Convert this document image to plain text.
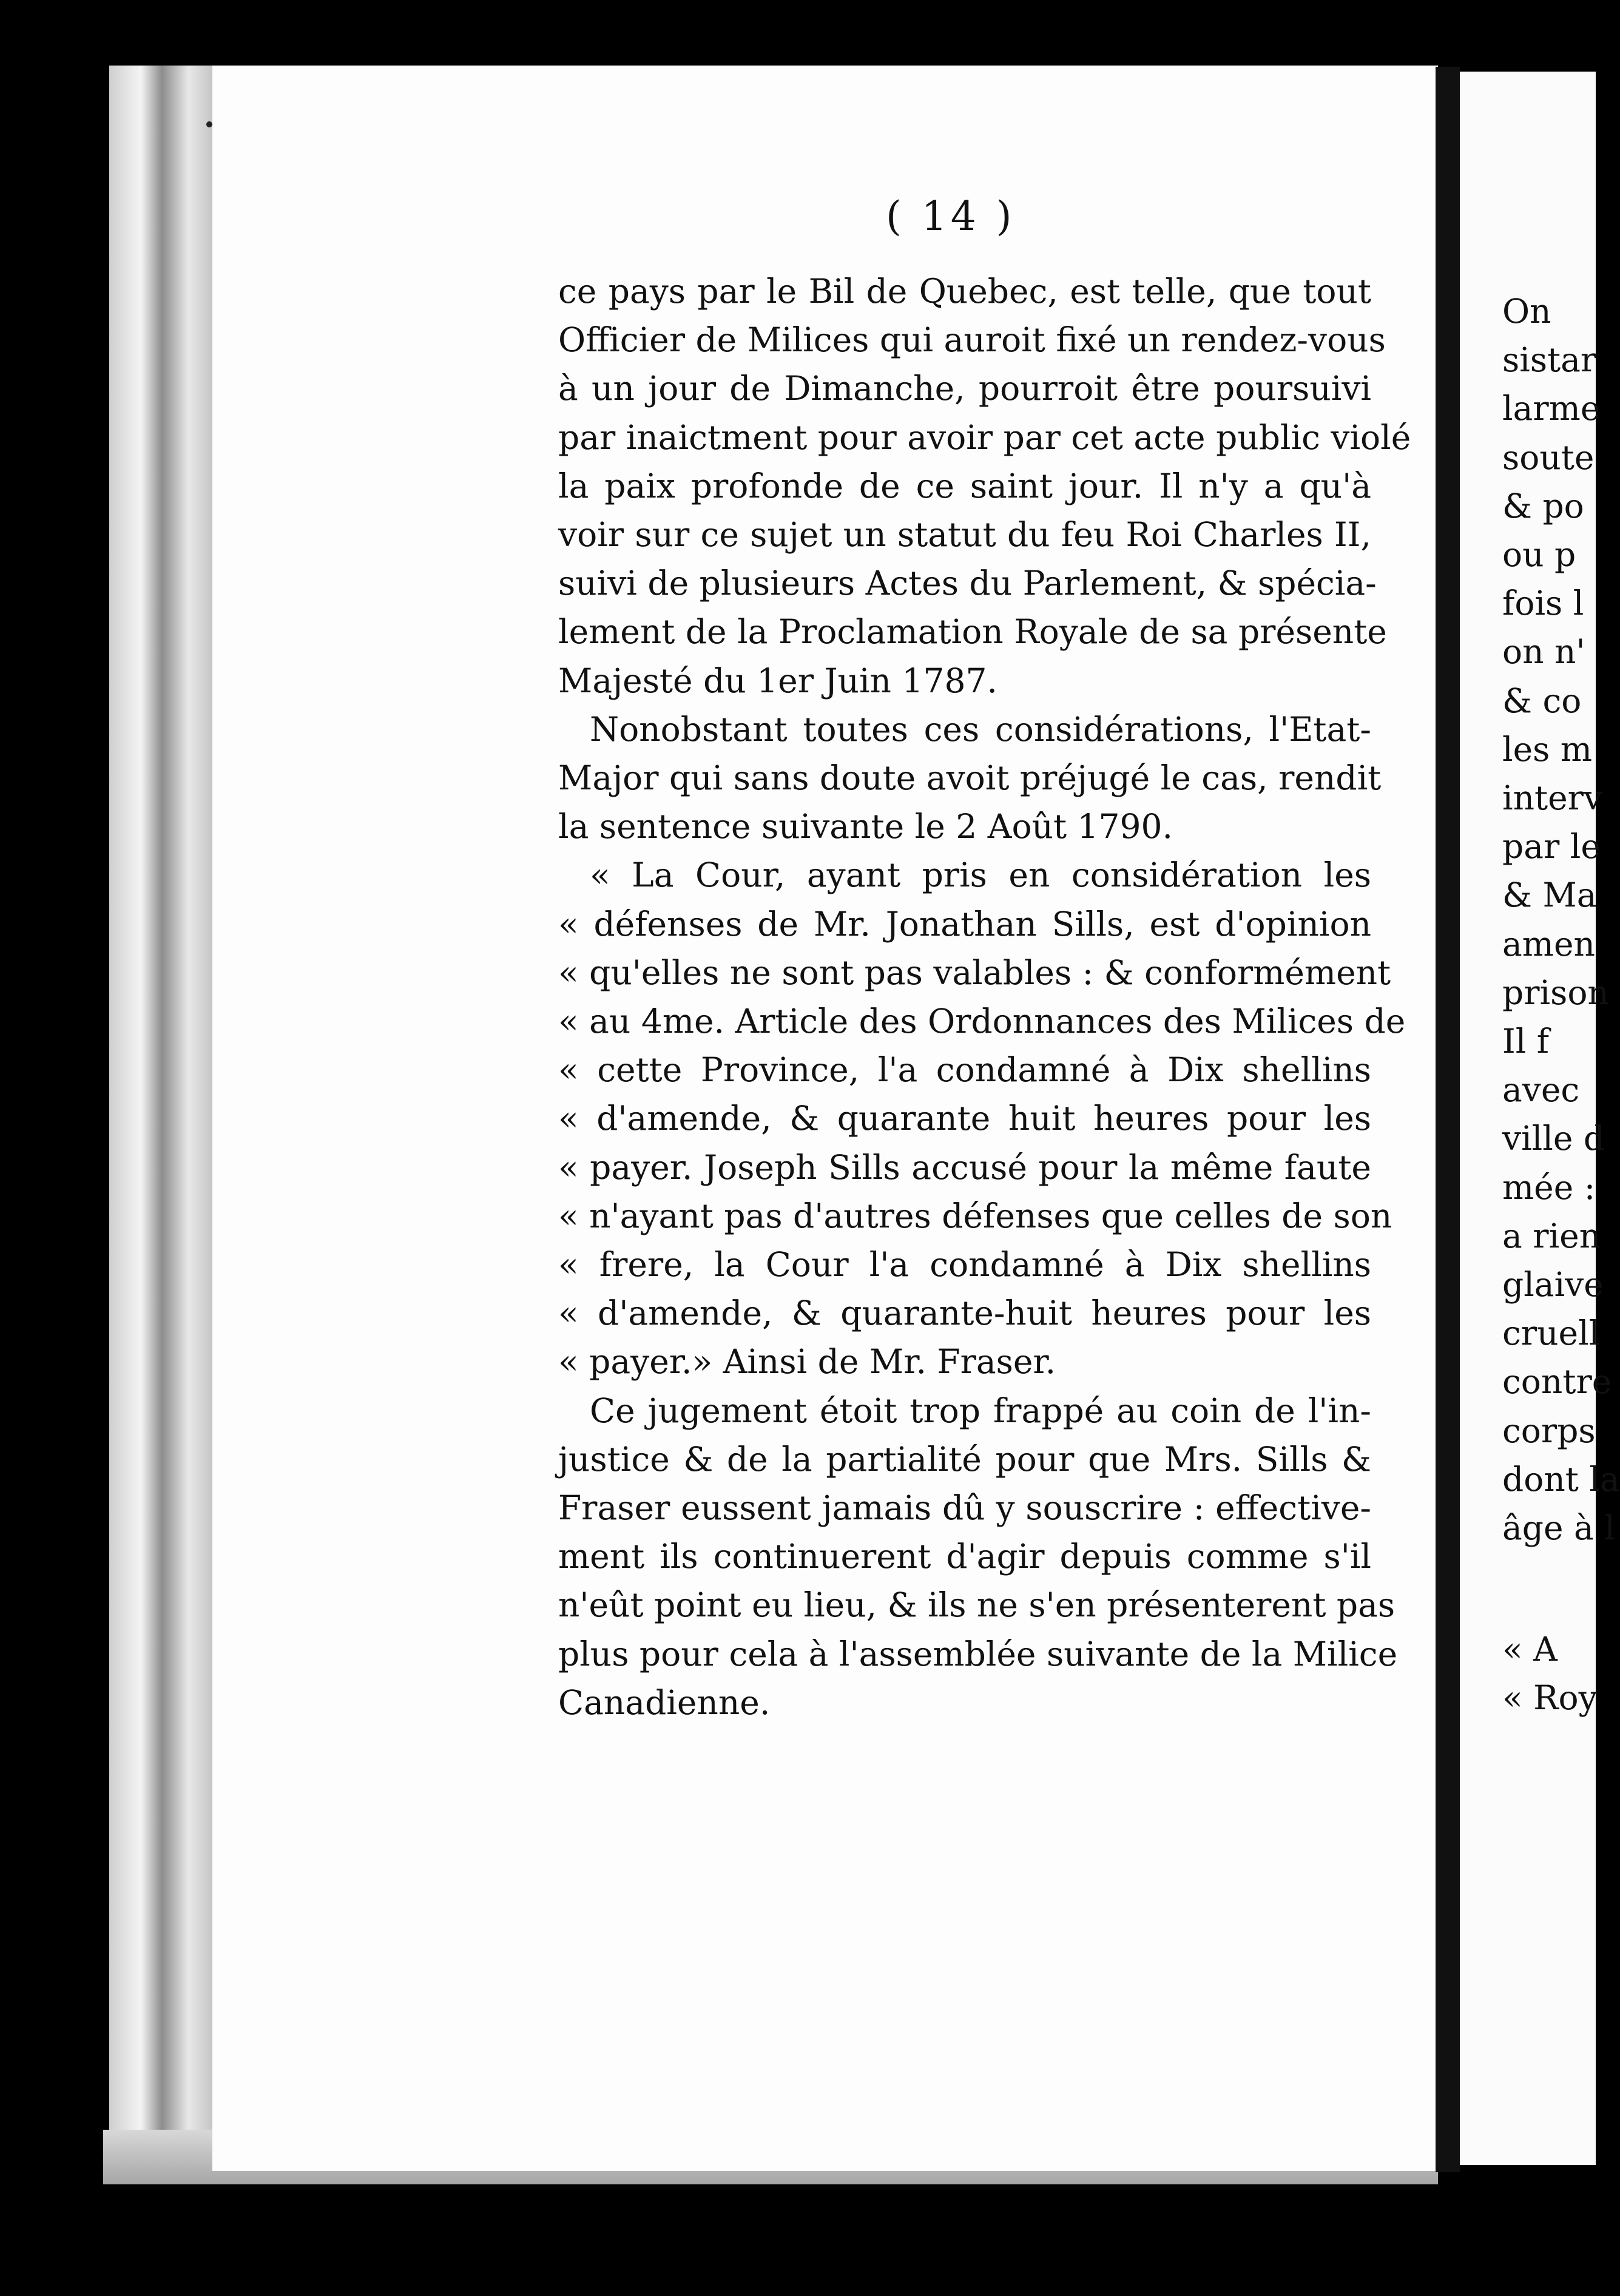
( 14 )
ce pays par le Bil de Quebec, est telle, que tout
Officier de Milices qui auroit fixé un rendez-vous
à un jour de Dimanche, pourroit être poursuivi
par inaictment pour avoir par cet acte public violé
la paix profonde de ce saint jour. Il n'y a qu'à
voir sur ce sujet un statut du feu Roi Charles II,
suivi de plusieurs Actes du Parlement, & spécia-
lement de la Proclamation Royale de sa présente
Majesté du 1er Juin 1787.
Nonobstant toutes ces considérations, l'Etat-
Major qui sans doute avoit préjugé le cas, rendit
la sentence suivante le 2 Août 1790.
« La Cour, ayant pris en considération les
« défenses de Mr. Jonathan Sills, est d'opinion
« qu'elles ne sont pas valables : & conformément
« au 4me. Article des Ordonnances des Milices de
« cette Province, l'a condamné à Dix shellins
« d'amende, & quarante huit heures pour les
« payer. Joseph Sills accusé pour la même faute
« n'ayant pas d'autres défenses que celles de son
« frere, la Cour l'a condamné à Dix shellins
« d'amende, & quarante-huit heures pour les
« payer.» Ainsi de Mr. Fraser.
Ce jugement étoit trop frappé au coin de l'in-
justice & de la partialité pour que Mrs. Sills &
Fraser eussent jamais dû y souscrire : effective-
ment ils continuerent d'agir depuis comme s'il
n'eût point eu lieu, & ils ne s'en présenterent pas
plus pour cela à l'assemblée suivante de la Milice
Canadienne.
On
sistar
larme
soute
& po
ou p
fois l
on n'
& co
les m
interv
par le
& Ma
amen
prison
Il f
avec
ville d
mée :
a rien
glaive
cruell
contre
corps
dont la
âge à l
« A
« Roy
